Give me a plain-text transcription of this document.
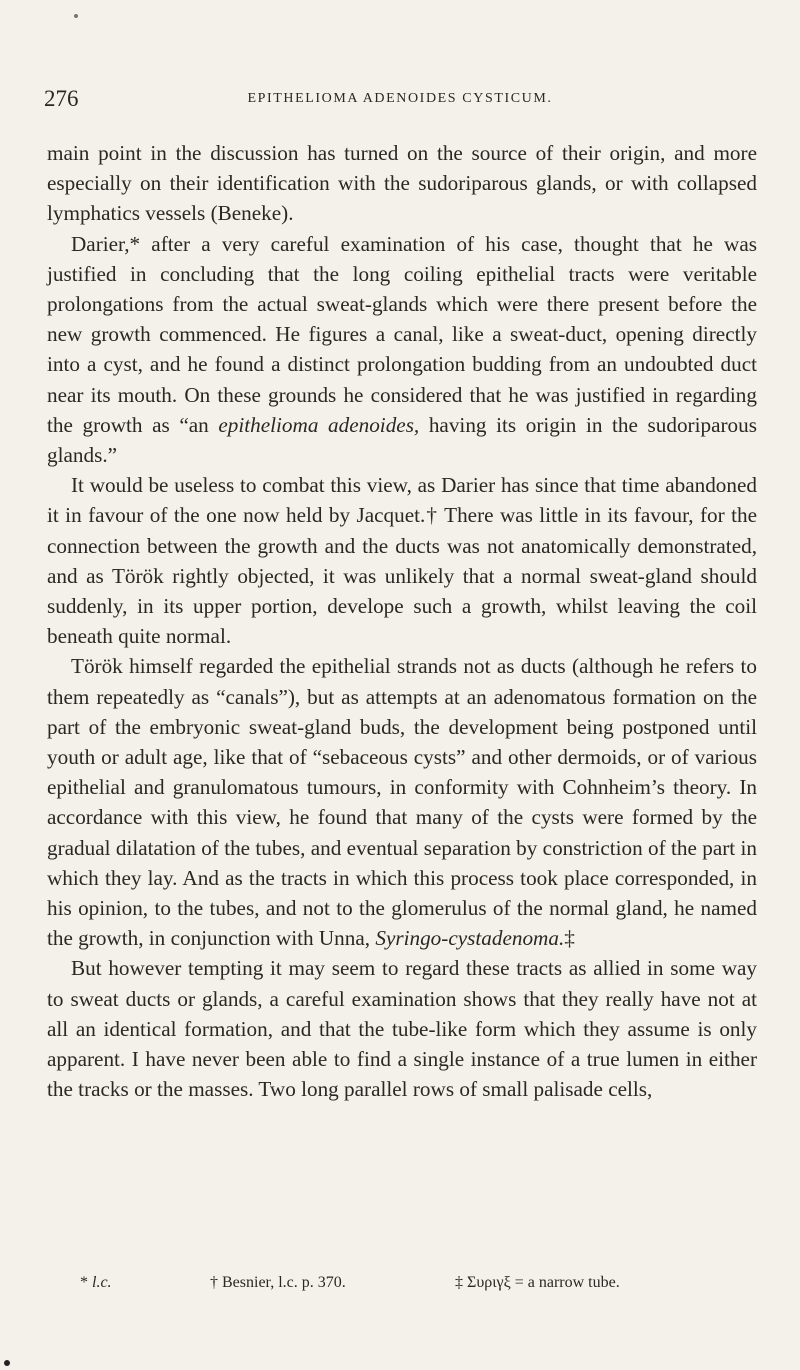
276	EPITHELIOMA ADENOIDES CYSTICUM.

main point in the discussion has turned on the source of their origin, and more especially on their identification with the sudoriparous glands, or with collapsed lymphatics vessels (Beneke).

Darier,* after a very careful examination of his case, thought that he was justified in concluding that the long coiling epithelial tracts were veritable prolongations from the actual sweat-glands which were there present before the new growth commenced. He figures a canal, like a sweat-duct, opening directly into a cyst, and he found a distinct prolongation budding from an undoubted duct near its mouth. On these grounds he considered that he was justified in regarding the growth as “an epithelioma adenoides, having its origin in the sudoriparous glands.”

It would be useless to combat this view, as Darier has since that time abandoned it in favour of the one now held by Jacquet.† There was little in its favour, for the connection between the growth and the ducts was not anatomically demonstrated, and as Török rightly objected, it was unlikely that a normal sweat-gland should suddenly, in its upper portion, develope such a growth, whilst leaving the coil beneath quite normal.

Török himself regarded the epithelial strands not as ducts (although he refers to them repeatedly as “canals”), but as attempts at an adenomatous formation on the part of the embryonic sweat-gland buds, the development being postponed until youth or adult age, like that of “sebaceous cysts” and other dermoids, or of various epithelial and granulomatous tumours, in conformity with Cohnheim’s theory. In accordance with this view, he found that many of the cysts were formed by the gradual dilatation of the tubes, and eventual separation by constriction of the part in which they lay. And as the tracts in which this process took place corresponded, in his opinion, to the tubes, and not to the glomerulus of the normal gland, he named the growth, in conjunction with Unna, Syringo-cystadenoma.‡

But however tempting it may seem to regard these tracts as allied in some way to sweat ducts or glands, a careful examination shows that they really have not at all an identical formation, and that the tube-like form which they assume is only apparent. I have never been able to find a single instance of a true lumen in either the tracks or the masses. Two long parallel rows of small palisade cells,

* l.c.	† Besnier, l.c. p. 370.	‡ Συριγξ = a narrow tube.
